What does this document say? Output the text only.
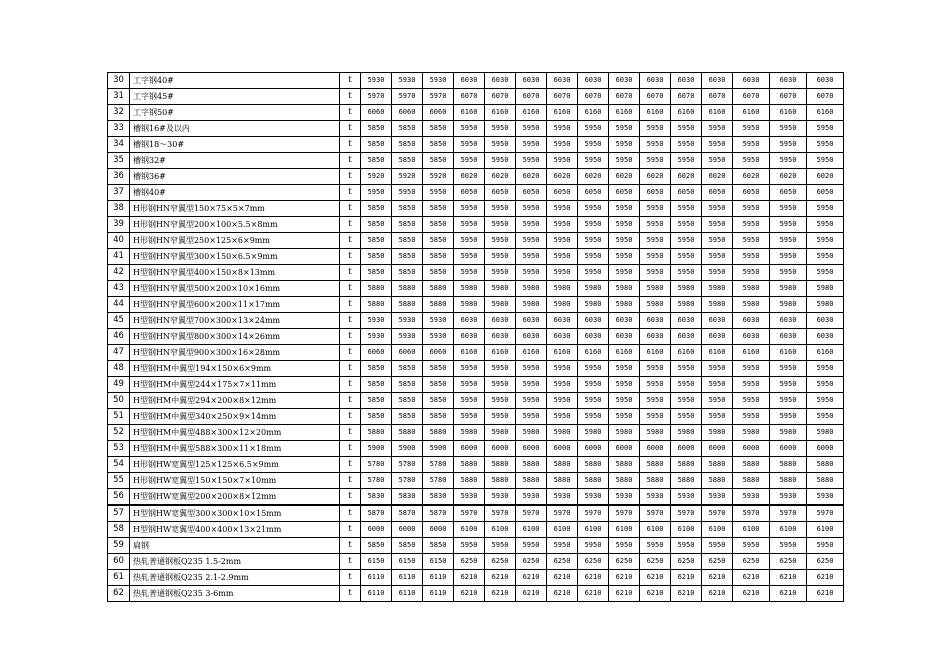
30	工字钢40#	t	5930	5930	5930	6030	6030	6030	6030	6030	6030	6030	6030	6030	6030	6030	6030
31	工字钢45#	t	5970	5970	5970	6070	6070	6070	6070	6070	6070	6070	6070	6070	6070	6070	6070
32	工字钢50#	t	6060	6060	6060	6160	6160	6160	6160	6160	6160	6160	6160	6160	6160	6160	6160
33	槽钢16#及以内	t	5850	5850	5850	5950	5950	5950	5950	5950	5950	5950	5950	5950	5950	5950	5950
34	槽钢18～30#	t	5850	5850	5850	5950	5950	5950	5950	5950	5950	5950	5950	5950	5950	5950	5950
35	槽钢32#	t	5850	5850	5850	5950	5950	5950	5950	5950	5950	5950	5950	5950	5950	5950	5950
36	槽钢36#	t	5920	5920	5920	6020	6020	6020	6020	6020	6020	6020	6020	6020	6020	6020	6020
37	槽钢40#	t	5950	5950	5950	6050	6050	6050	6050	6050	6050	6050	6050	6050	6050	6050	6050
38	H形钢HN窄翼型150×75×5×7mm	t	5850	5850	5850	5950	5950	5950	5950	5950	5950	5950	5950	5950	5950	5950	5950
39	H形钢HN窄翼型200×100×5.5×8mm	t	5850	5850	5850	5950	5950	5950	5950	5950	5950	5950	5950	5950	5950	5950	5950
40	H形钢HN窄翼型250×125×6×9mm	t	5850	5850	5850	5950	5950	5950	5950	5950	5950	5950	5950	5950	5950	5950	5950
41	H型钢HN窄翼型300×150×6.5×9mm	t	5850	5850	5850	5950	5950	5950	5950	5950	5950	5950	5950	5950	5950	5950	5950
42	H型钢HN窄翼型400×150×8×13mm	t	5850	5850	5850	5950	5950	5950	5950	5950	5950	5950	5950	5950	5950	5950	5950
43	H型钢HN窄翼型500×200×10×16mm	t	5880	5880	5880	5980	5980	5980	5980	5980	5980	5980	5980	5980	5980	5980	5980
44	H型钢HN窄翼型600×200×11×17mm	t	5880	5880	5880	5980	5980	5980	5980	5980	5980	5980	5980	5980	5980	5980	5980
45	H型钢HN窄翼型700×300×13×24mm	t	5930	5930	5930	6030	6030	6030	6030	6030	6030	6030	6030	6030	6030	6030	6030
46	H型钢HN窄翼型800×300×14×26mm	t	5930	5930	5930	6030	6030	6030	6030	6030	6030	6030	6030	6030	6030	6030	6030
47	H型钢HN窄翼型900×300×16×28mm	t	6060	6060	6060	6160	6160	6160	6160	6160	6160	6160	6160	6160	6160	6160	6160
48	H型钢HM中翼型194×150×6×9mm	t	5850	5850	5850	5950	5950	5950	5950	5950	5950	5950	5950	5950	5950	5950	5950
49	H型钢HM中翼型244×175×7×11mm	t	5850	5850	5850	5950	5950	5950	5950	5950	5950	5950	5950	5950	5950	5950	5950
50	H型钢HM中翼型294×200×8×12mm	t	5850	5850	5850	5950	5950	5950	5950	5950	5950	5950	5950	5950	5950	5950	5950
51	H型钢HM中翼型340×250×9×14mm	t	5850	5850	5850	5950	5950	5950	5950	5950	5950	5950	5950	5950	5950	5950	5950
52	H型钢HM中翼型488×300×12×20mm	t	5880	5880	5880	5980	5980	5980	5980	5980	5980	5980	5980	5980	5980	5980	5980
53	H型钢HM中翼型588×300×11×18mm	t	5900	5900	5900	6000	6000	6000	6000	6000	6000	6000	6000	6000	6000	6000	6000
54	H形钢HW宽翼型125×125×6.5×9mm	t	5780	5780	5780	5880	5880	5880	5880	5880	5880	5880	5880	5880	5880	5880	5880
55	H形钢HW宽翼型150×150×7×10mm	t	5780	5780	5780	5880	5880	5880	5880	5880	5880	5880	5880	5880	5880	5880	5880
56	H型钢HW宽翼型200×200×8×12mm	t	5830	5830	5830	5930	5930	5930	5930	5930	5930	5930	5930	5930	5930	5930	5930
57	H型钢HW宽翼型300×300×10×15mm	t	5870	5870	5870	5970	5970	5970	5970	5970	5970	5970	5970	5970	5970	5970	5970
58	H型钢HW宽翼型400×400×13×21mm	t	6000	6000	6000	6100	6100	6100	6100	6100	6100	6100	6100	6100	6100	6100	6100
59	扁钢	t	5850	5850	5850	5950	5950	5950	5950	5950	5950	5950	5950	5950	5950	5950	5950
60	热轧普通钢板Q235 1.5-2mm	t	6150	6150	6150	6250	6250	6250	6250	6250	6250	6250	6250	6250	6250	6250	6250
61	热轧普通钢板Q235 2.1-2.9mm	t	6110	6110	6110	6210	6210	6210	6210	6210	6210	6210	6210	6210	6210	6210	6210
62	热轧普通钢板Q235 3-6mm	t	6110	6110	6110	6210	6210	6210	6210	6210	6210	6210	6210	6210	6210	6210	6210
